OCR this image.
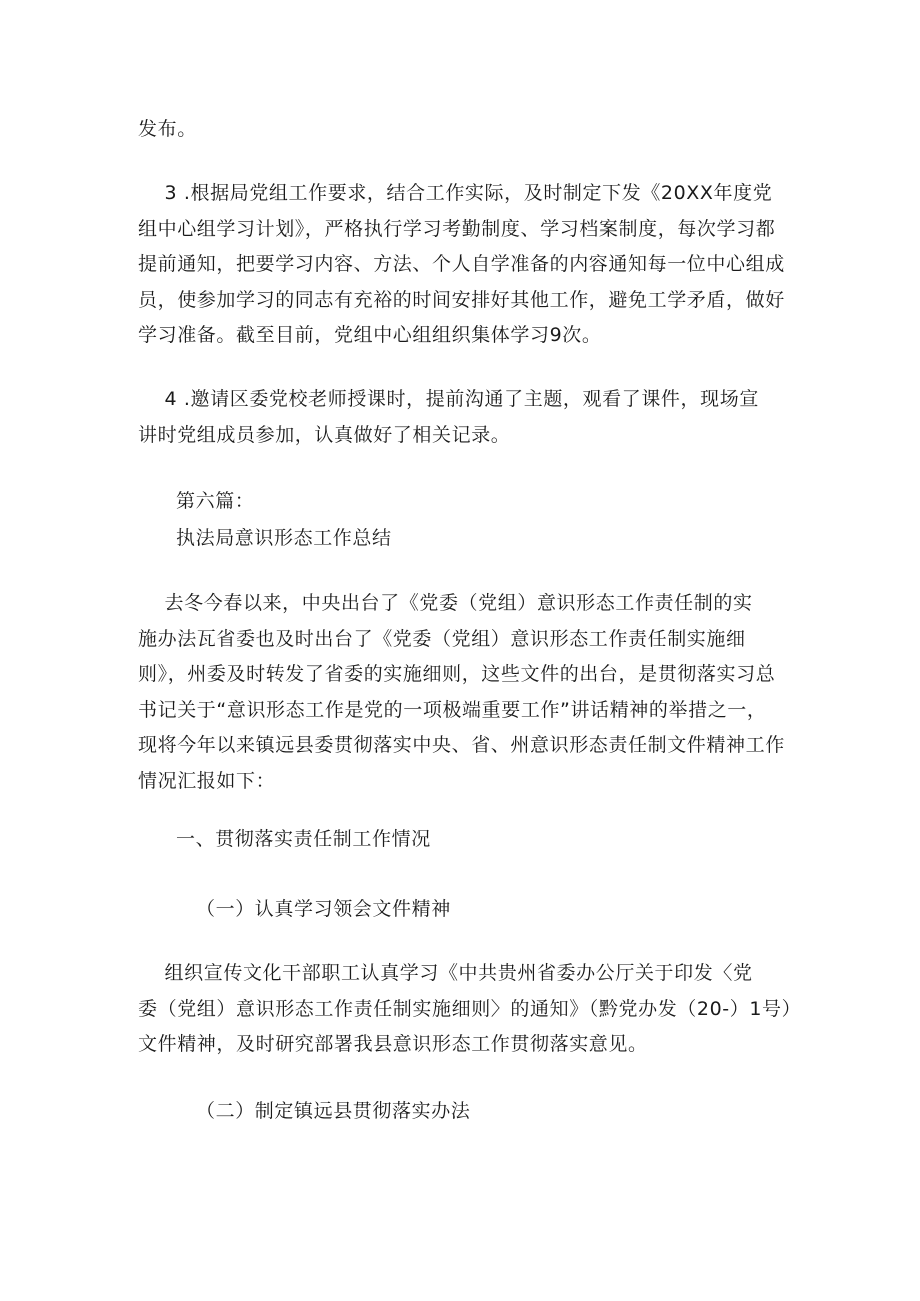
发布。
3 .根据局党组工作要求，结合工作实际，及时制定下发《20XX年度党
组中心组学习计划》，严格执行学习考勤制度、学习档案制度，每次学习都
提前通知，把要学习内容、方法、个人自学准备的内容通知每一位中心组成
员，使参加学习的同志有充裕的时间安排好其他工作，避免工学矛盾，做好
学习准备。截至目前，党组中心组组织集体学习9次。
4 .邀请区委党校老师授课时，提前沟通了主题，观看了课件，现场宣
讲时党组成员参加，认真做好了相关记录。
第六篇：
执法局意识形态工作总结
去冬今春以来，中央出台了《党委（党组）意识形态工作责任制的实
施办法瓦省委也及时出台了《党委（党组）意识形态工作责任制实施细
则》，州委及时转发了省委的实施细则，这些文件的出台，是贯彻落实习总
书记关于“意识形态工作是党的一项极端重要工作”讲话精神的举措之一，
现将今年以来镇远县委贯彻落实中央、省、州意识形态责任制文件精神工作
情况汇报如下：
一、贯彻落实责任制工作情况
（一）认真学习领会文件精神
组织宣传文化干部职工认真学习《中共贵州省委办公厅关于印发〈党
委（党组）意识形态工作责任制实施细则〉的通知》（黔党办发（20-）1号）
文件精神，及时研究部署我县意识形态工作贯彻落实意见。
（二）制定镇远县贯彻落实办法
